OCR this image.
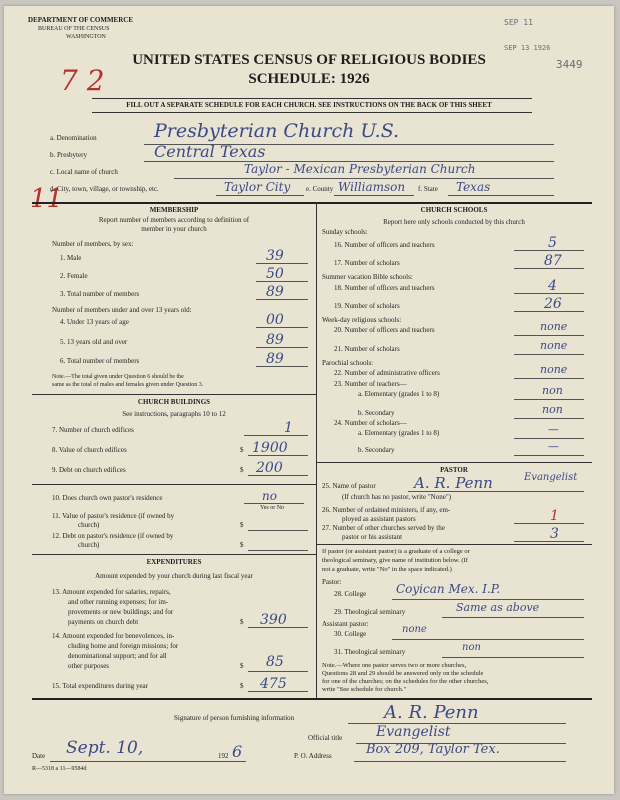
DEPARTMENT OF COMMERCE
BUREAU OF THE CENSUS
WASHINGTON
SEP 11
SEP 13 1926
3449
7 2
11
UNITED STATES CENSUS OF RELIGIOUS BODIES
SCHEDULE: 1926
FILL OUT A SEPARATE SCHEDULE FOR EACH CHURCH. SEE INSTRUCTIONS ON THE BACK OF THIS SHEET
a. Denomination	Presbyterian Church U.S.
b. Presbytery	Central Texas
c. Local name of church	Taylor - Mexican Presbyterian Church
d. City, town, village, or township, etc.	Taylor City e. County Williamson f. State Texas
MEMBERSHIP
Report number of members according to definition of
member in your church
Number of members, by sex:
1. Male	39
2. Female	50
3. Total number of members	89
Number of members under and over 13 years old:
4. Under 13 years of age	00
5. 13 years old and over	89
6. Total number of members	89
Note.—The total given under Question 6 should be the
same as the total of males and females given under Question 3.
CHURCH BUILDINGS
See instructions, paragraphs 10 to 12
7. Number of church edifices	1
8. Value of church edifices	$ 1900
9. Debt on church edifices	$ 200
10. Does church own pastor's residence	no
Yes or No
11. Value of pastor's residence (if owned by
church)	$
12. Debt on pastor's residence (if owned by
church)	$
EXPENDITURES
Amount expended by your church during last fiscal year
13. Amount expended for salaries, repairs,
and other running expenses; for im-
provements or new buildings; and for
payments on church debt	$ 390
14. Amount expended for benevolences, in-
cluding home and foreign missions; for
denominational support; and for all
other purposes	$ 85
15. Total expenditures during year	$ 475
CHURCH SCHOOLS
Report here only schools conducted by this church
Sunday schools:
16. Number of officers and teachers	5
17. Number of scholars	87
Summer vacation Bible schools:
18. Number of officers and teachers	4
19. Number of scholars	26
Week-day religious schools:
20. Number of officers and teachers	none
21. Number of scholars	none
Parochial schools:
22. Number of administrative officers	none
23. Number of teachers—
a. Elementary (grades 1 to 8)	non
b. Secondary	non
24. Number of scholars—
a. Elementary (grades 1 to 8)	—
b. Secondary	—
PASTOR
25. Name of pastor	A. R. Penn	Evangelist
(If church has no pastor, write "None")
26. Number of ordained ministers, if any, em-
ployed as assistant pastors	1
27. Number of other churches served by the
pastor or his assistant	3
If pastor (or assistant pastor) is a graduate of a college or
theological seminary, give name of institution below. (If
not a graduate, write "No" in the space indicated.)
Pastor:
28. College Coyican Mex. I.P.
29. Theological seminary	Same as above
Assistant pastor:
30. College	none
31. Theological seminary	non
Note.—Where one pastor serves two or more churches,
Questions 28 and 29 should be answered only on the schedule
for one of the churches; on the schedules for the other churches,
write "See schedule for church."
Signature of person furnishing information	A. R. Penn
Official title Evangelist
Date Sept. 10,	192 6	P. O. Address	Box 209, Taylor Tex.
R—5318 a 11—9584d
